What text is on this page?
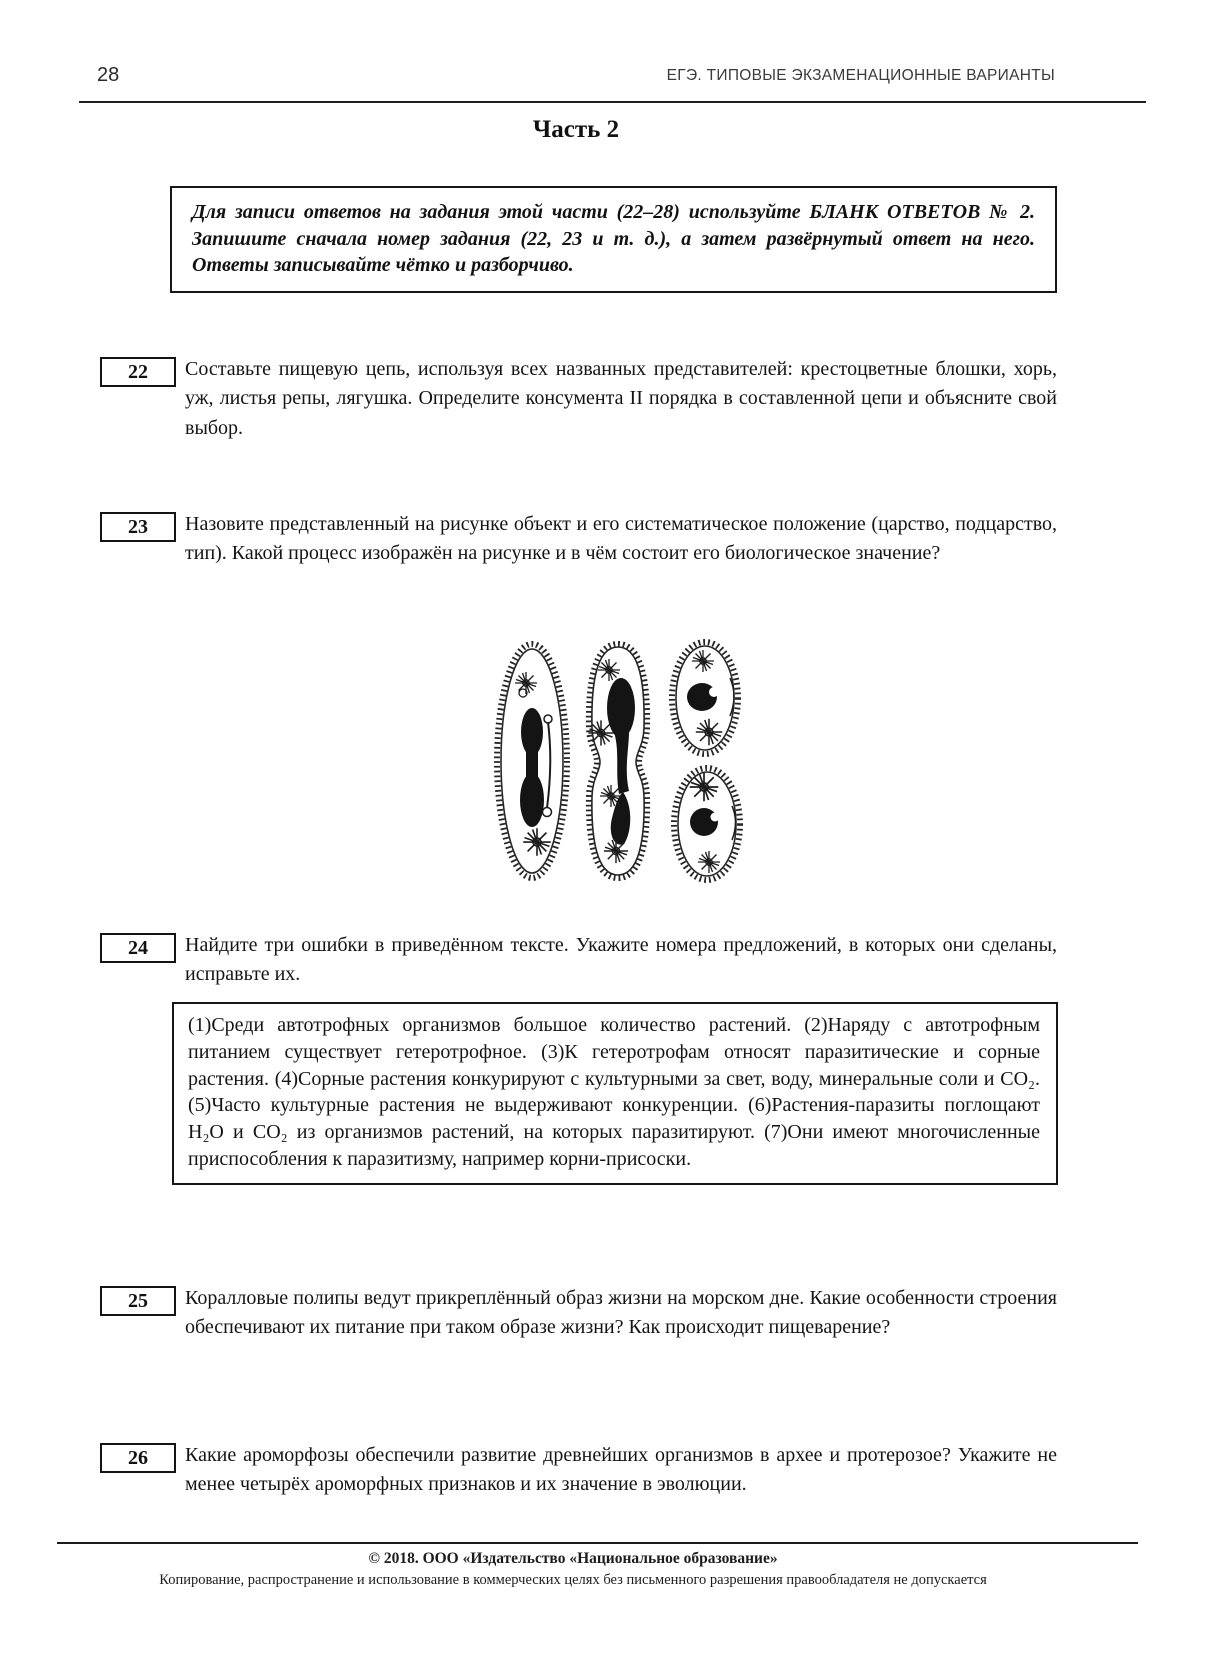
28	ЕГЭ. ТИПОВЫЕ ЭКЗАМЕНАЦИОННЫЕ ВАРИАНТЫ
Часть 2
Для записи ответов на задания этой части (22–28) используйте БЛАНК ОТВЕТОВ № 2. Запишите сначала номер задания (22, 23 и т. д.), а затем развёрнутый ответ на него. Ответы записывайте чётко и разборчиво.
22	Составьте пищевую цепь, используя всех названных представителей: крестоцветные блошки, хорь, уж, листья репы, лягушка. Определите консумента II порядка в составленной цепи и объясните свой выбор.
23	Назовите представленный на рисунке объект и его систематическое положение (царство, подцарство, тип). Какой процесс изображён на рисунке и в чём состоит его биологическое значение?
24	Найдите три ошибки в приведённом тексте. Укажите номера предложений, в которых они сделаны, исправьте их.
(1)Среди автотрофных организмов большое количество растений. (2)Наряду с автотрофным питанием существует гетеротрофное. (3)К гетеротрофам относят паразитические и сорные растения. (4)Сорные растения конкурируют с культурными за свет, воду, минеральные соли и CO₂. (5)Часто культурные растения не выдерживают конкуренции. (6)Растения-паразиты поглощают H₂O и CO₂ из организмов растений, на которых паразитируют. (7)Они имеют многочисленные приспособления к паразитизму, например корни-присоски.
25	Коралловые полипы ведут прикреплённый образ жизни на морском дне. Какие особенности строения обеспечивают их питание при таком образе жизни? Как происходит пищеварение?
26	Какие ароморфозы обеспечили развитие древнейших организмов в архее и протерозое? Укажите не менее четырёх ароморфных признаков и их значение в эволюции.
© 2018. ООО «Издательство «Национальное образование»
Копирование, распространение и использование в коммерческих целях без письменного разрешения правообладателя не допускается
